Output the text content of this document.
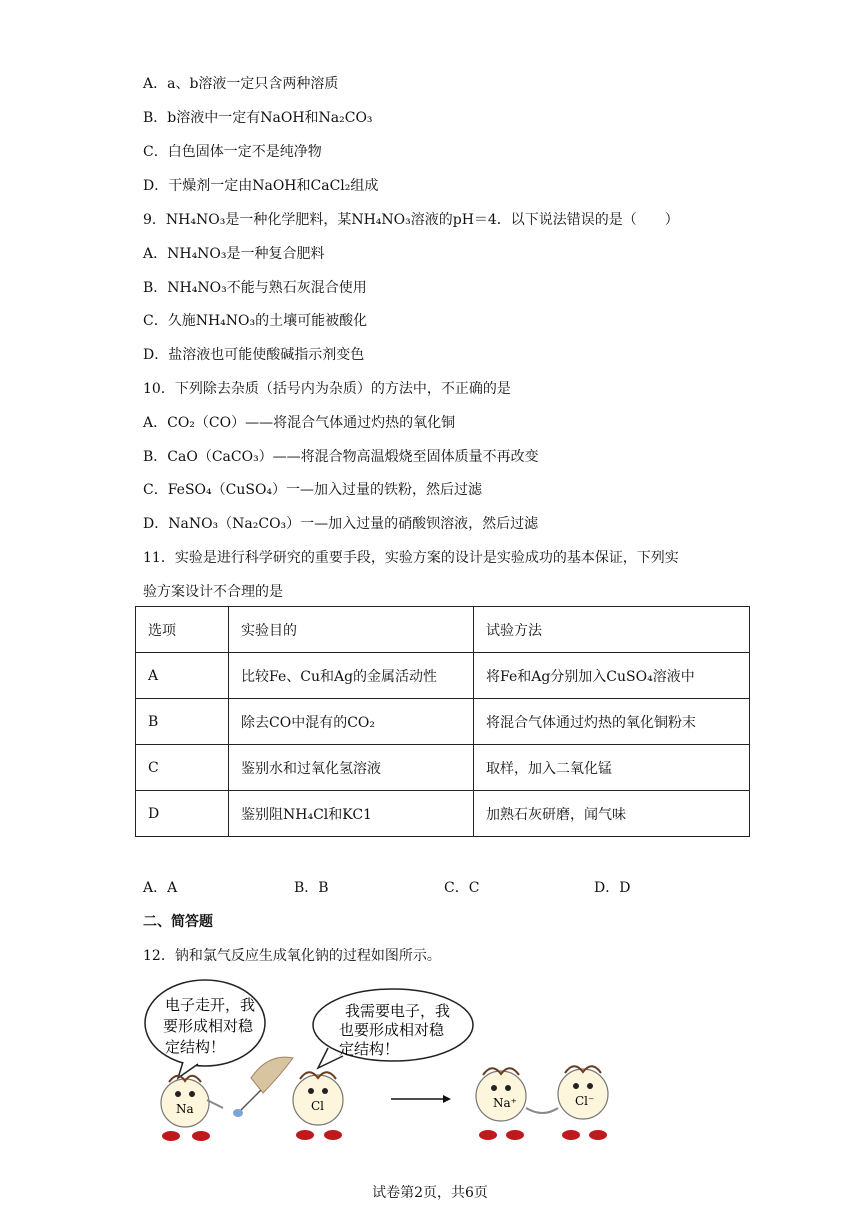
A．a、b溶液一定只含两种溶质
B．b溶液中一定有NaOH和Na₂CO₃
C．白色固体一定不是纯净物
D．干燥剂一定由NaOH和CaCl₂组成
9．NH₄NO₃是一种化学肥料，某NH₄NO₃溶液的pH＝4．以下说法错误的是（　　）
A．NH₄NO₃是一种复合肥料
B．NH₄NO₃不能与熟石灰混合使用
C．久施NH₄NO₃的土壤可能被酸化
D．盐溶液也可能使酸碱指示剂变色
10．下列除去杂质（括号内为杂质）的方法中，不正确的是
A．CO₂（CO）——将混合气体通过灼热的氧化铜
B．CaO（CaCO₃）——将混合物高温煅烧至固体质量不再改变
C．FeSO₄（CuSO₄）一—加入过量的铁粉，然后过滤
D．NaNO₃（Na₂CO₃）一—加入过量的硝酸钡溶液，然后过滤
11．实验是进行科学研究的重要手段，实验方案的设计是实验成功的基本保证，下列实
验方案设计不合理的是
选项	实验目的	试验方法
A	比较Fe、Cu和Ag的金属活动性	将Fe和Ag分别加入CuSO₄溶液中
B	除去CO中混有的CO₂	将混合气体通过灼热的氧化铜粉末
C	鉴别水和过氧化氢溶液	取样，加入二氧化锰
D	鉴别阻NH₄Cl和KC1	加熟石灰研磨，闻气味
A．A	B．B	C．C	D．D
二、简答题
12．钠和氯气反应生成氧化钠的过程如图所示。
电子走开，我
要形成相对稳
定结构！
我需要电子，我
也要形成相对稳
定结构！
Na	Cl	Na⁺	Cl⁻
试卷第2页，共6页
